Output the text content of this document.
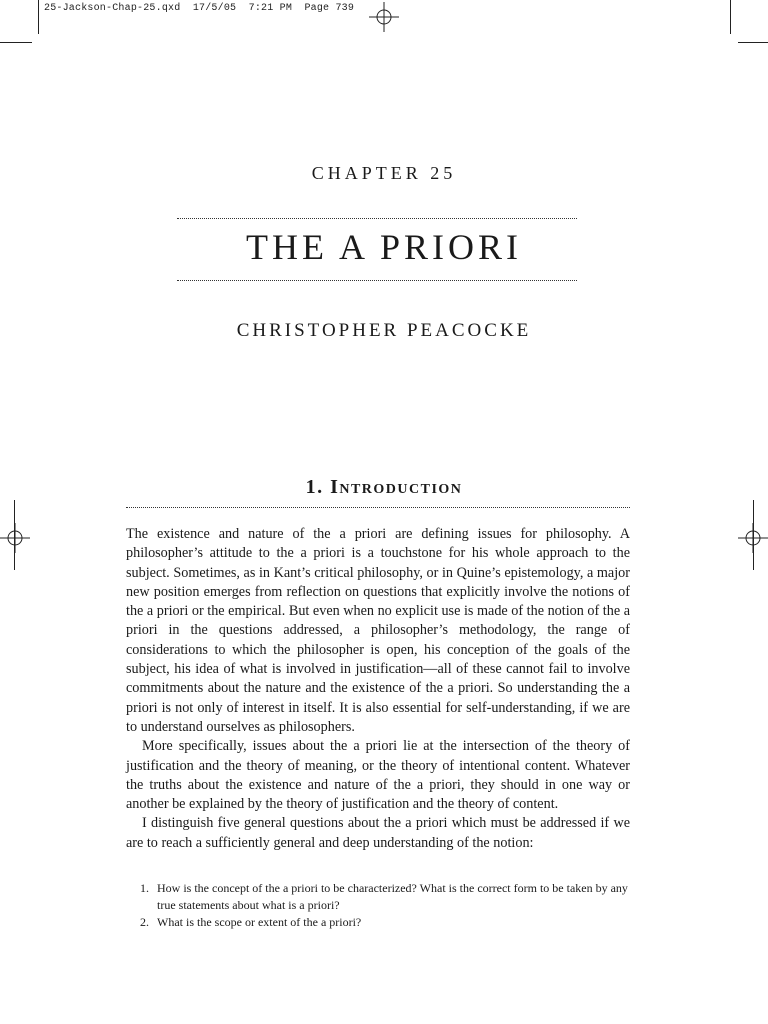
25-Jackson-Chap-25.qxd  17/5/05  7:21 PM  Page 739
CHAPTER 25
THE A PRIORI
CHRISTOPHER PEACOCKE
1. Introduction

The existence and nature of the a priori are defining issues for philosophy. A philosopher’s attitude to the a priori is a touchstone for his whole approach to the subject. Sometimes, as in Kant’s critical philosophy, or in Quine’s epistemology, a major new position emerges from reflection on questions that explicitly involve the notions of the a priori or the empirical. But even when no explicit use is made of the notion of the a priori in the questions addressed, a philosopher’s methodology, the range of considerations to which the philosopher is open, his conception of the goals of the subject, his idea of what is involved in justification—all of these cannot fail to involve commitments about the nature and the existence of the a priori. So understanding the a priori is not only of interest in itself. It is also essential for self-understanding, if we are to understand ourselves as philosophers.

More specifically, issues about the a priori lie at the intersection of the theory of justification and the theory of meaning, or the theory of intentional content. Whatever the truths about the existence and nature of the a priori, they should in one way or another be explained by the theory of justification and the theory of content.

I distinguish five general questions about the a priori which must be addressed if we are to reach a sufficiently general and deep understanding of the notion:

1. How is the concept of the a priori to be characterized? What is the correct form to be taken by any true statements about what is a priori?
2. What is the scope or extent of the a priori?
